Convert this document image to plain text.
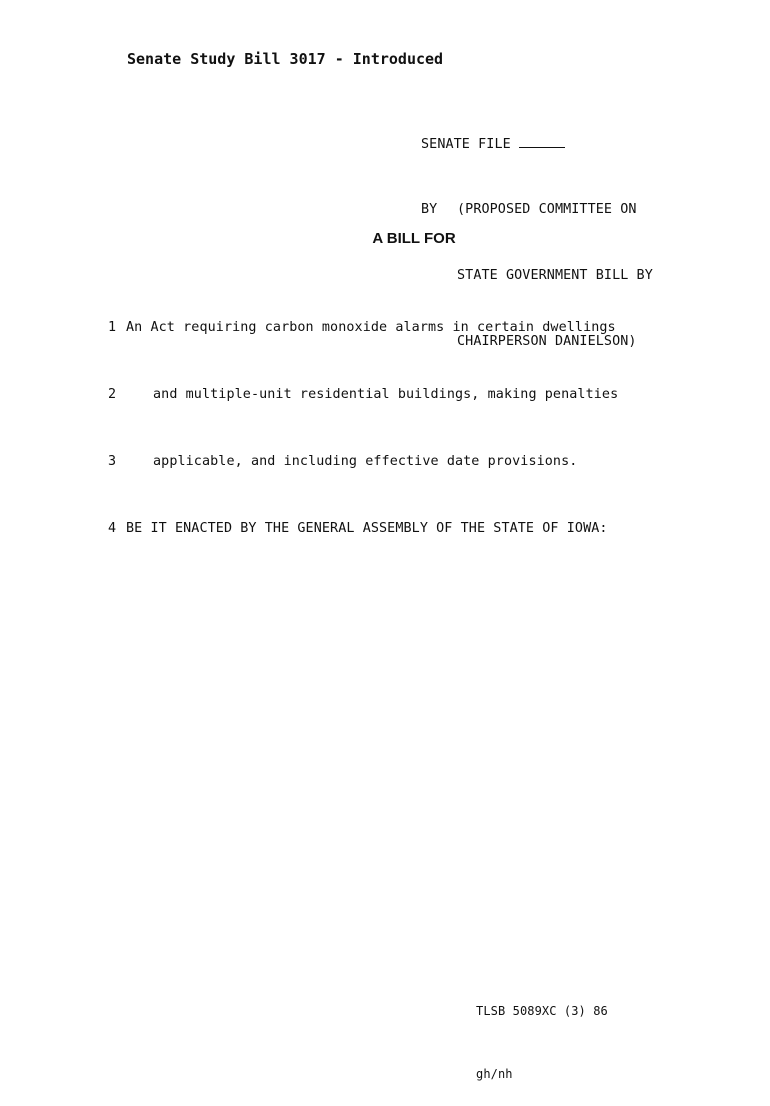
Senate Study Bill 3017 - Introduced

SENATE FILE

BY (PROPOSED COMMITTEE ON

STATE GOVERNMENT BILL BY

CHAIRPERSON DANIELSON)

A BILL FOR

1 An Act requiring carbon monoxide alarms in certain dwellings

2	and multiple-unit residential buildings, making penalties

3	applicable, and including effective date provisions.

4 BE IT ENACTED BY THE GENERAL ASSEMBLY OF THE STATE OF IOWA:

TLSB 5089XC (3) 86

gh/nh
